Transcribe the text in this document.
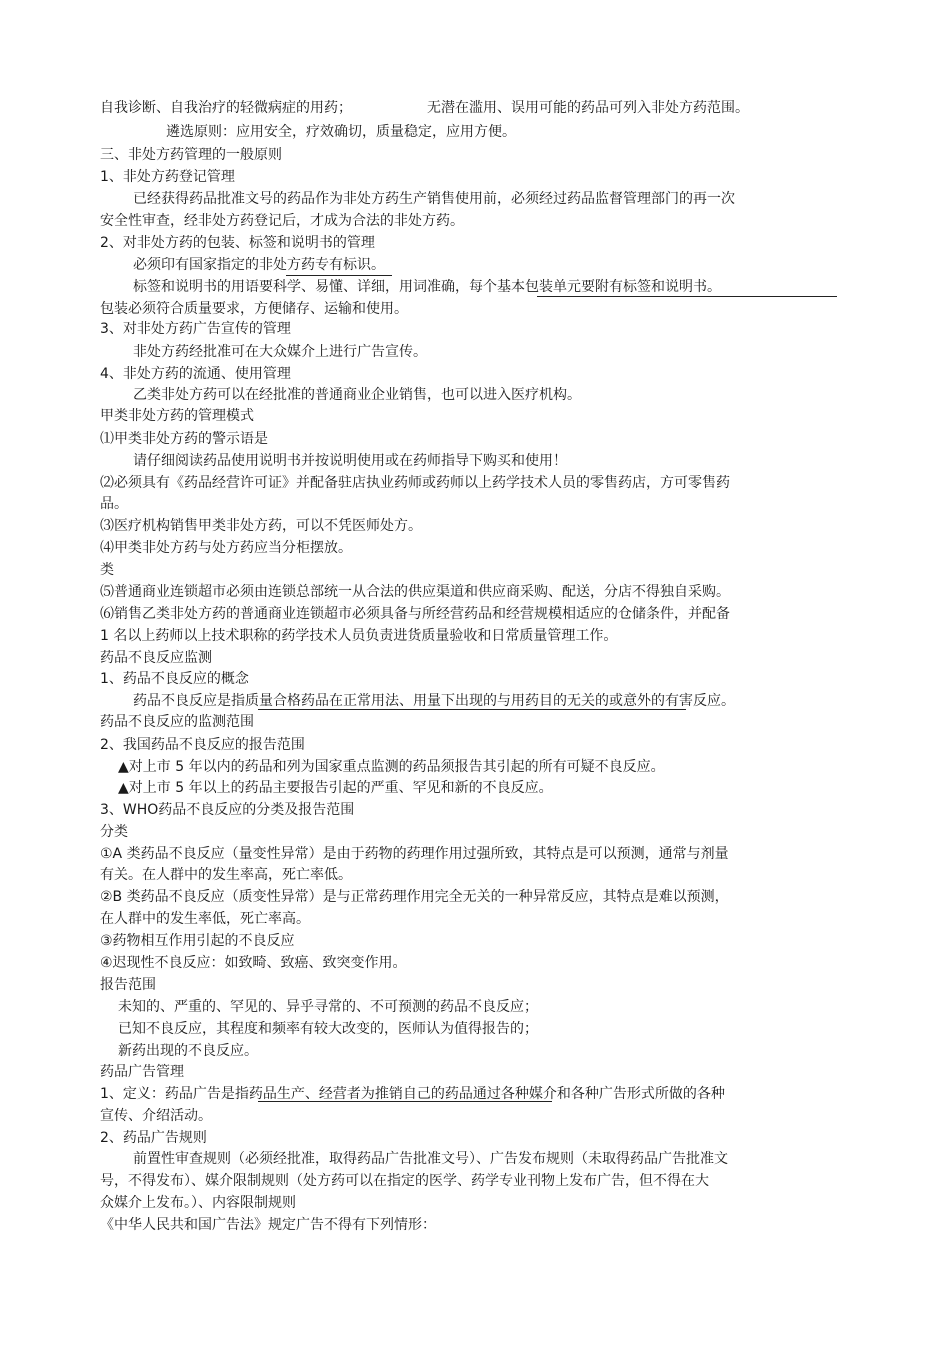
自我诊断、自我治疗的轻微病症的用药；	无潜在滥用、误用可能的药品可列入非处方药范围。
遴选原则：应用安全，疗效确切，质量稳定，应用方便。
三、非处方药管理的一般原则
1、非处方药登记管理
已经获得药品批准文号的药品作为非处方药生产销售使用前，必须经过药品监督管理部门的再一次
安全性审查，经非处方药登记后，才成为合法的非处方药。
2、对非处方药的包装、标签和说明书的管理
必须印有国家指定的非处方药专有标识。
标签和说明书的用语要科学、易懂、详细，用词准确，每个基本包装单元要附有标签和说明书。
包装必须符合质量要求，方便储存、运输和使用。
3、对非处方药广告宣传的管理
非处方药经批准可在大众媒介上进行广告宣传。
4、非处方药的流通、使用管理
乙类非处方药可以在经批准的普通商业企业销售，也可以进入医疗机构。
甲类非处方药的管理模式
⑴甲类非处方药的警示语是
请仔细阅读药品使用说明书并按说明使用或在药师指导下购买和使用！
⑵必须具有《药品经营许可证》并配备驻店执业药师或药师以上药学技术人员的零售药店，方可零售药
品。
⑶医疗机构销售甲类非处方药，可以不凭医师处方。
⑷甲类非处方药与处方药应当分柜摆放。
类
⑸普通商业连锁超市必须由连锁总部统一从合法的供应渠道和供应商采购、配送，分店不得独自采购。
⑹销售乙类非处方药的普通商业连锁超市必须具备与所经营药品和经营规模相适应的仓储条件，并配备
1 名以上药师以上技术职称的药学技术人员负责进货质量验收和日常质量管理工作。
药品不良反应监测
1、药品不良反应的概念
药品不良反应是指质量合格药品在正常用法、用量下出现的与用药目的无关的或意外的有害反应。
药品不良反应的监测范围
2、我国药品不良反应的报告范围
▲对上市 5 年以内的药品和列为国家重点监测的药品须报告其引起的所有可疑不良反应。
▲对上市 5 年以上的药品主要报告引起的严重、罕见和新的不良反应。
3、WHO药品不良反应的分类及报告范围
分类
①A 类药品不良反应（量变性异常）是由于药物的药理作用过强所致，其特点是可以预测，通常与剂量
有关。在人群中的发生率高，死亡率低。
②B 类药品不良反应（质变性异常）是与正常药理作用完全无关的一种异常反应，其特点是难以预测，
在人群中的发生率低，死亡率高。
③药物相互作用引起的不良反应
④迟现性不良反应：如致畸、致癌、致突变作用。
报告范围
未知的、严重的、罕见的、异乎寻常的、不可预测的药品不良反应；
已知不良反应，其程度和频率有较大改变的，医师认为值得报告的；
新药出现的不良反应。
药品广告管理
1、定义：药品广告是指药品生产、经营者为推销自己的药品通过各种媒介和各种广告形式所做的各种
宣传、介绍活动。
2、药品广告规则
前置性审查规则（必须经批准，取得药品广告批准文号）、广告发布规则（未取得药品广告批准文
号，不得发布）、媒介限制规则（处方药可以在指定的医学、药学专业刊物上发布广告，但不得在大
众媒介上发布。）、内容限制规则
《中华人民共和国广告法》规定广告不得有下列情形：
